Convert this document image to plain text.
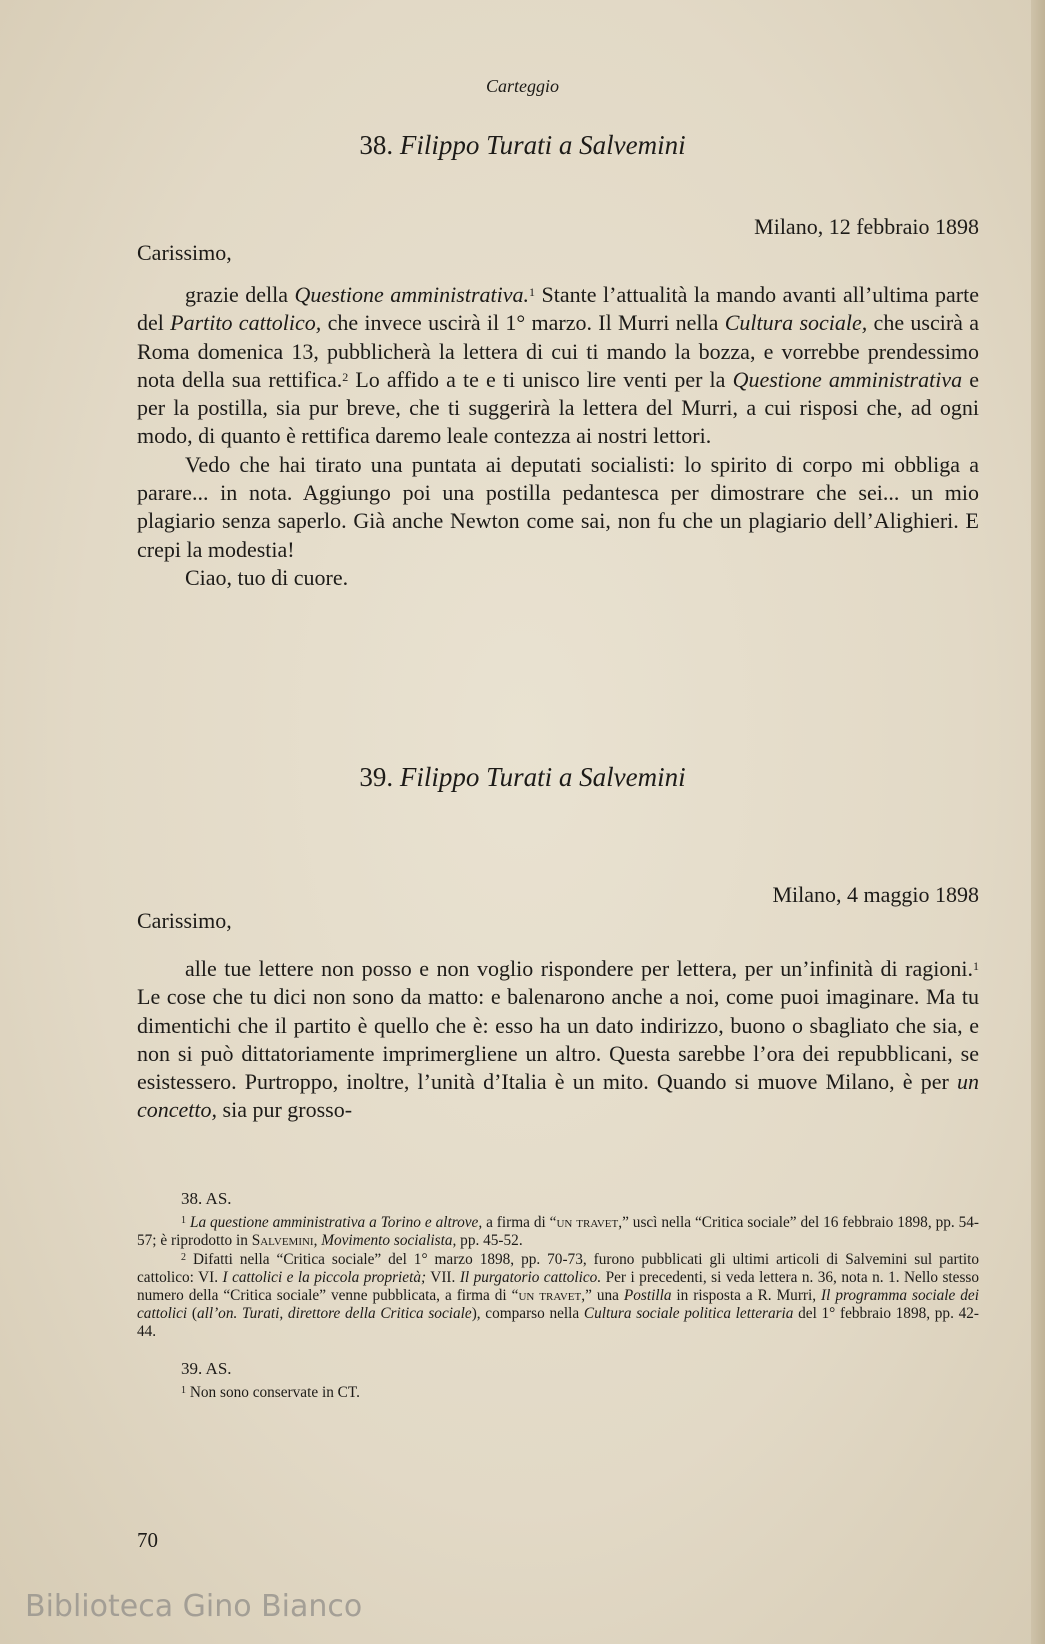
Carteggio
38. Filippo Turati a Salvemini
Milano, 12 febbraio 1898
Carissimo,

grazie della Questione amministrativa.$^1$ Stante l’attualità la mando avanti all’ultima parte del Partito cattolico, che invece uscirà il 1° marzo. Il Murri nella Cultura sociale, che uscirà a Roma domenica 13, pubblicherà la lettera di cui ti mando la bozza, e vorrebbe prendessimo nota della sua rettifica.$^2$ Lo affido a te e ti unisco lire venti per la Questione amministrativa e per la postilla, sia pur breve, che ti suggerirà la lettera del Murri, a cui risposi che, ad ogni modo, di quanto è rettifica daremo leale contezza ai nostri lettori.

Vedo che hai tirato una puntata ai deputati socialisti: lo spirito di corpo mi obbliga a parare... in nota. Aggiungo poi una postilla pedantesca per dimostrare che sei... un mio plagiario senza saperlo. Già anche Newton come sai, non fu che un plagiario dell’Alighieri. E crepi la modestia!

Ciao, tuo di cuore.

39. Filippo Turati a Salvemini
Milano, 4 maggio 1898
Carissimo,

alle tue lettere non posso e non voglio rispondere per lettera, per un’infinità di ragioni.$^1$ Le cose che tu dici non sono da matto: e balenarono anche a noi, come puoi imaginare. Ma tu dimentichi che il partito è quello che è: esso ha un dato indirizzo, buono o sbagliato che sia, e non si può dittatoriamente imprimergliene un altro. Questa sarebbe l’ora dei repubblicani, se esistessero. Purtroppo, inoltre, l’unità d’Italia è un mito. Quando si muove Milano, è per un concetto, sia pur grosso-

38. AS.

$^1$ La questione amministrativa a Torino e altrove, a firma di “un travet,” uscì nella “Critica sociale” del 16 febbraio 1898, pp. 54-57; è riprodotto in Salvemini, Movimento socialista, pp. 45-52.

$^2$ Difatti nella “Critica sociale” del 1° marzo 1898, pp. 70-73, furono pubblicati gli ultimi articoli di Salvemini sul partito cattolico: VI. I cattolici e la piccola proprietà; VII. Il purgatorio cattolico. Per i precedenti, si veda lettera n. 36, nota n. 1. Nello stesso numero della “Critica sociale” venne pubblicata, a firma di “un travet,” una Postilla in risposta a R. Murri, Il programma sociale dei cattolici (all’on. Turati, direttore della Critica sociale), comparso nella Cultura sociale politica letteraria del 1° febbraio 1898, pp. 42-44.

39. AS.

$^1$ Non sono conservate in CT.

70
Biblioteca Gino Bianco
